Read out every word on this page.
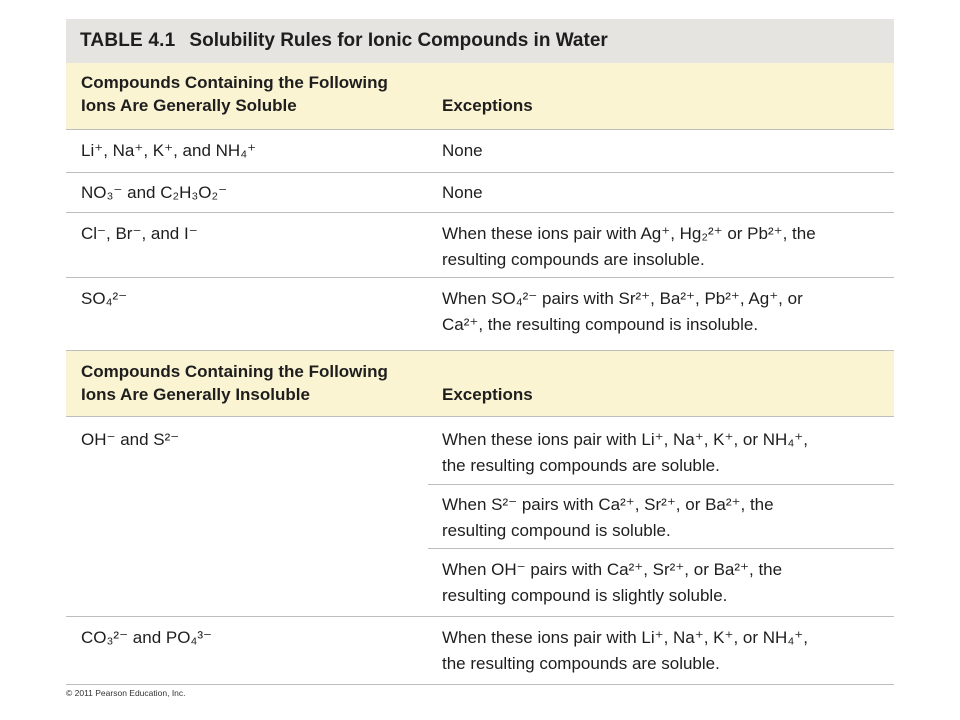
TABLE 4.1 Solubility Rules for Ionic Compounds in Water
Compounds Containing the Following
Ions Are Generally Soluble	Exceptions
Li⁺, Na⁺, K⁺, and NH₄⁺	None
NO₃⁻ and C₂H₃O₂⁻	None
Cl⁻, Br⁻, and I⁻	When these ions pair with Ag⁺, Hg₂²⁺ or Pb²⁺, the
resulting compounds are insoluble.
SO₄²⁻	When SO₄²⁻ pairs with Sr²⁺, Ba²⁺, Pb²⁺, Ag⁺, or
Ca²⁺, the resulting compound is insoluble.
Compounds Containing the Following
Ions Are Generally Insoluble	Exceptions
OH⁻ and S²⁻	When these ions pair with Li⁺, Na⁺, K⁺, or NH₄⁺,
the resulting compounds are soluble.
When S²⁻ pairs with Ca²⁺, Sr²⁺, or Ba²⁺, the
resulting compound is soluble.
When OH⁻ pairs with Ca²⁺, Sr²⁺, or Ba²⁺, the
resulting compound is slightly soluble.
CO₃²⁻ and PO₄³⁻	When these ions pair with Li⁺, Na⁺, K⁺, or NH₄⁺,
the resulting compounds are soluble.
© 2011 Pearson Education, Inc.
